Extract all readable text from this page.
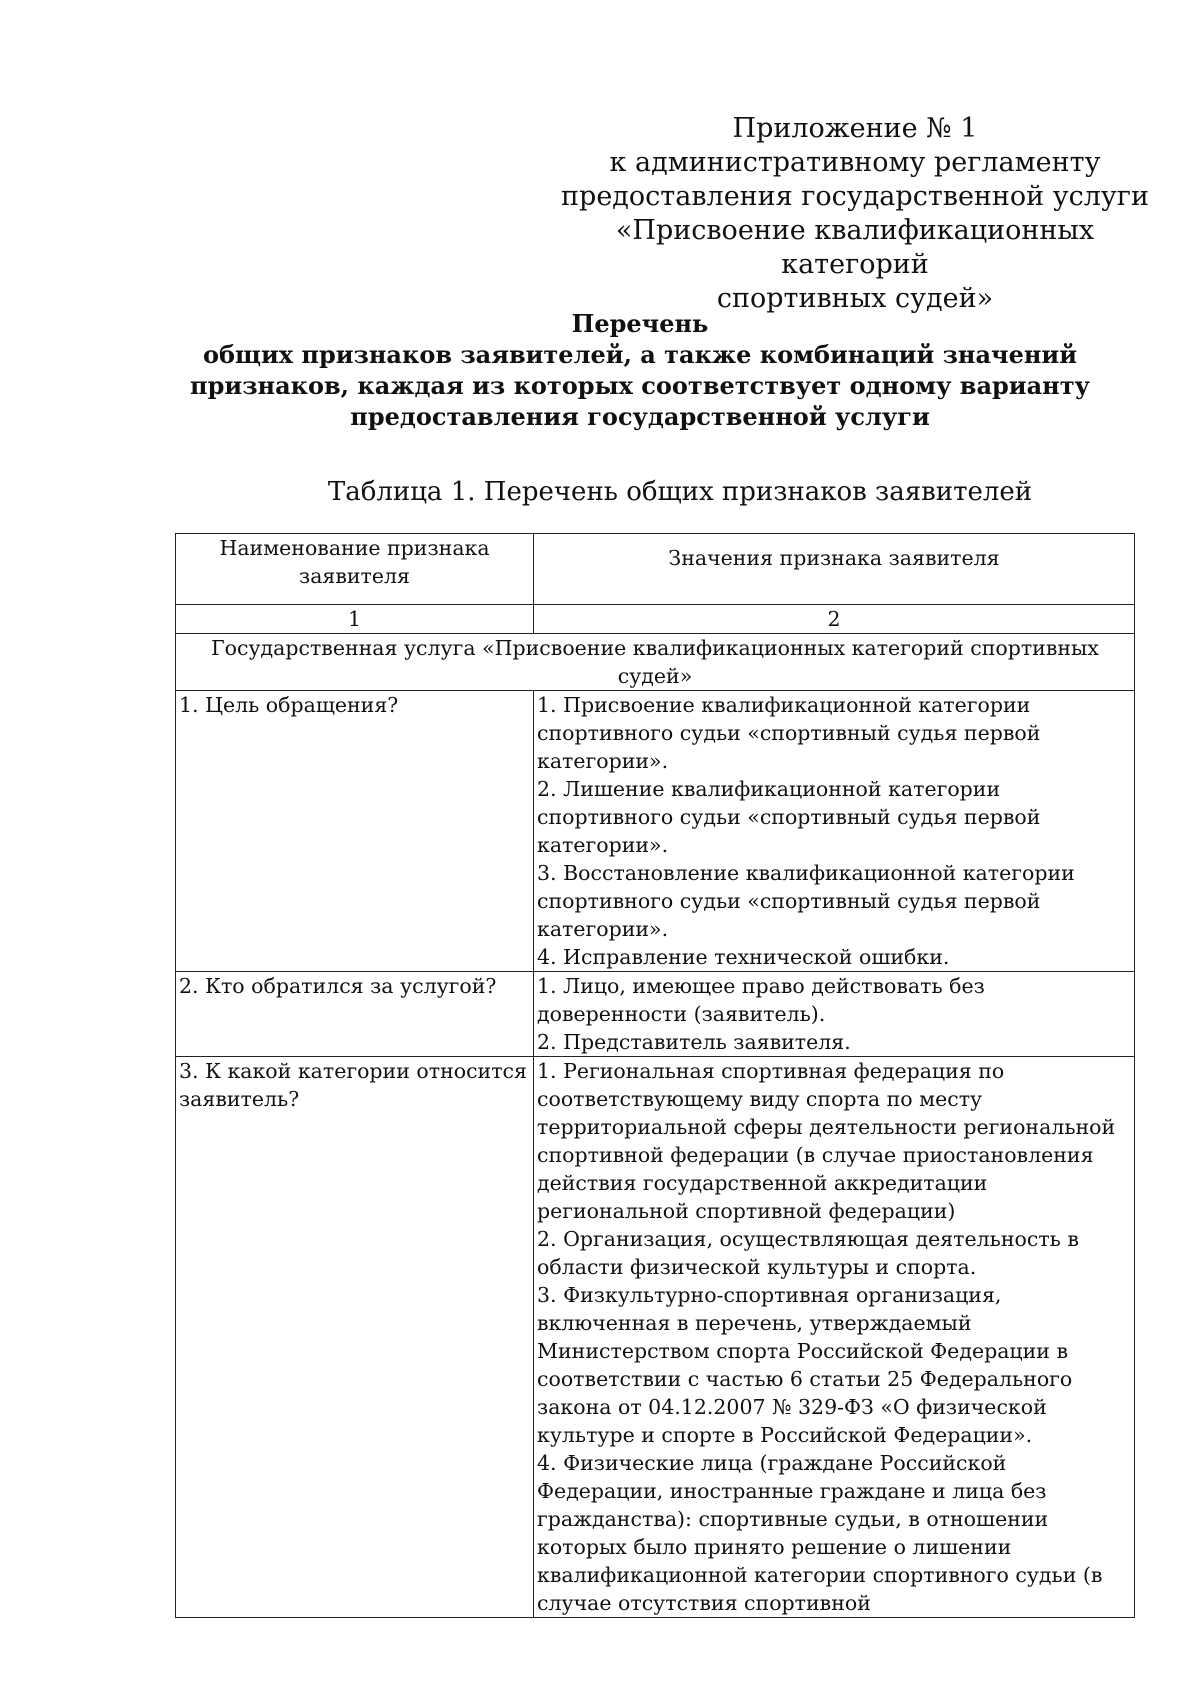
Приложение № 1
к административному регламенту
предоставления государственной услуги
«Присвоение квалификационных категорий
спортивных судей»
Перечень
общих признаков заявителей, а также комбинаций значений
признаков, каждая из которых соответствует одному варианту
предоставления государственной услуги
Таблица 1. Перечень общих признаков заявителей
Наименование признака заявителя	Значения признака заявителя
1	2
Государственная услуга «Присвоение квалификационных категорий спортивных судей»	
1. Цель обращения?	1. Присвоение квалификационной категории спортивного судьи «спортивный судья первой категории».
2. Лишение квалификационной категории спортивного судьи «спортивный судья первой категории».
3. Восстановление квалификационной категории спортивного судьи «спортивный судья первой категории».
4. Исправление технической ошибки.

2. Кто обратился за услугой?	1. Лицо, имеющее право действовать без доверенности (заявитель).
2. Представитель заявителя.

3. К какой категории относится заявитель?	1. Региональная спортивная федерация по соответствующему виду спорта по месту территориальной сферы деятельности региональной спортивной федерации (в случае приостановления действия государственной аккредитации региональной спортивной федерации)
2. Организация, осуществляющая деятельность в области физической культуры и спорта.
3. Физкультурно-спортивная организация, включенная в перечень, утверждаемый Министерством спорта Российской Федерации в соответствии с частью 6 статьи 25 Федерального закона от 04.12.2007 № 329-ФЗ «О физической культуре и спорте в Российской Федерации».
4. Физические лица (граждане Российской Федерации, иностранные граждане и лица без гражданства): спортивные судьи, в отношении которых было принято решение о лишении квалификационной категории спортивного судьи (в случае отсутствия спортивной
